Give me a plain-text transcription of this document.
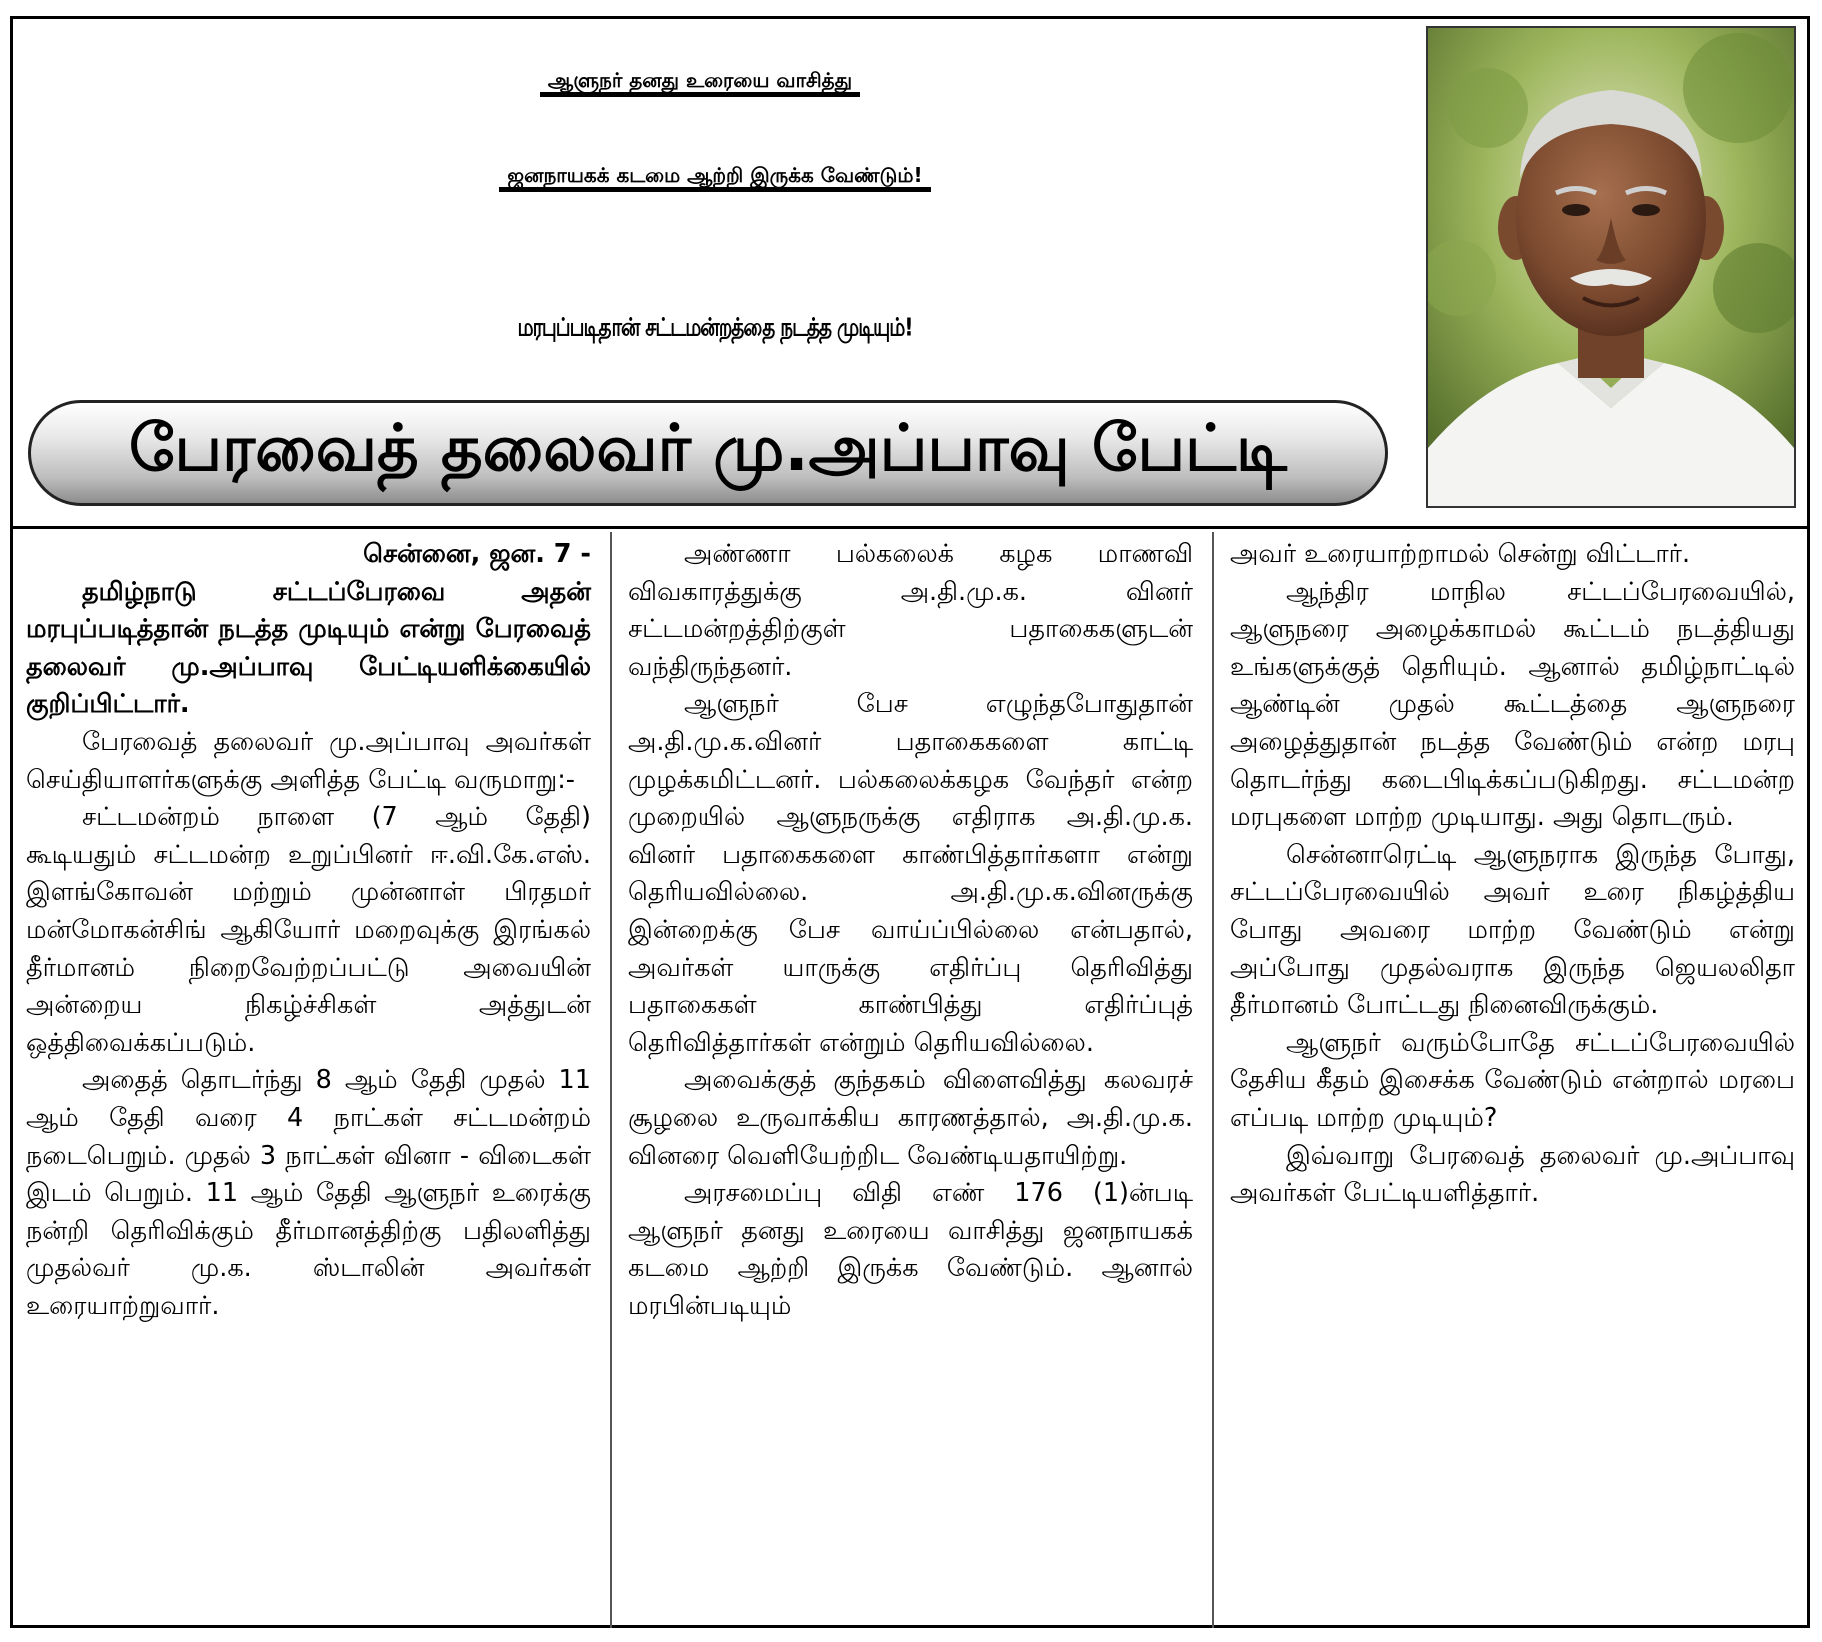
ஆளுநர் தனது உரையை வாசித்து
ஜனநாயகக் கடமை ஆற்றி இருக்க வேண்டும்!
மரபுப்படிதான் சட்டமன்றத்தை நடத்த முடியும்!
பேரவைத் தலைவர் மு.அப்பாவு பேட்டி

சென்னை, ஜன. 7 -

தமிழ்நாடு சட்டப்பேரவை அதன் மரபுப்படித்தான் நடத்த முடியும் என்று பேரவைத் தலைவர் மு.அப்பாவு பேட்டியளிக்கையில் குறிப்பிட்டார்.

பேரவைத் தலைவர் மு.அப்பாவு அவர்கள் செய்தியாளர்களுக்கு அளித்த பேட்டி வருமாறு:-

சட்டமன்றம் நாளை (7 ஆம் தேதி) கூடியதும் சட்டமன்ற உறுப்பினர் ஈ.வி.கே.எஸ். இளங்கோவன் மற்றும் முன்னாள் பிரதமர் மன்மோகன்சிங் ஆகியோர் மறைவுக்கு இரங்கல் தீர்மானம் நிறைவேற்றப்பட்டு அவையின் அன்றைய நிகழ்ச்சிகள் அத்துடன் ஒத்திவைக்கப்படும்.

அதைத் தொடர்ந்து 8 ஆம் தேதி முதல் 11 ஆம் தேதி வரை 4 நாட்கள் சட்டமன்றம் நடைபெறும். முதல் 3 நாட்கள் வினா - விடைகள் இடம் பெறும். 11 ஆம் தேதி ஆளுநர் உரைக்கு நன்றி தெரிவிக்கும் தீர்மானத்திற்கு பதிலளித்து முதல்வர் மு.க. ஸ்டாலின் அவர்கள் உரையாற்றுவார்.

அண்ணா பல்கலைக் கழக மாணவி விவகாரத்துக்கு அ.தி.மு.க. வினர் சட்டமன்றத்திற்குள் பதாகைகளுடன் வந்திருந்தனர்.

ஆளுநர் பேச எழுந்தபோதுதான் அ.தி.மு.க.வினர் பதாகைகளை காட்டி முழக்கமிட்டனர். பல்கலைக்கழக வேந்தர் என்ற முறையில் ஆளுநருக்கு எதிராக அ.தி.மு.க. வினர் பதாகைகளை காண்பித்தார்களா என்று தெரியவில்லை. அ.தி.மு.க.வினருக்கு இன்றைக்கு பேச வாய்ப்பில்லை என்பதால், அவர்கள் யாருக்கு எதிர்ப்பு தெரிவித்து பதாகைகள் காண்பித்து எதிர்ப்புத் தெரிவித்தார்கள் என்றும் தெரியவில்லை.

அவைக்குத் குந்தகம் விளைவித்து கலவரச் சூழலை உருவாக்கிய காரணத்தால், அ.தி.மு.க. வினரை வெளியேற்றிட வேண்டியதாயிற்று.

அரசமைப்பு விதி எண் 176 (1)ன்படி ஆளுநர் தனது உரையை வாசித்து ஜனநாயகக் கடமை ஆற்றி இருக்க வேண்டும். ஆனால் மரபின்படியும்

அவர் உரையாற்றாமல் சென்று விட்டார்.

ஆந்திர மாநில சட்டப்பேரவையில், ஆளுநரை அழைக்காமல் கூட்டம் நடத்தியது உங்களுக்குத் தெரியும். ஆனால் தமிழ்நாட்டில் ஆண்டின் முதல் கூட்டத்தை ஆளுநரை அழைத்துதான் நடத்த வேண்டும் என்ற மரபு தொடர்ந்து கடைபிடிக்கப்படுகிறது. சட்டமன்ற மரபுகளை மாற்ற முடியாது. அது தொடரும்.

சென்னாரெட்டி ஆளுநராக இருந்த போது, சட்டப்பேரவையில் அவர் உரை நிகழ்த்திய போது அவரை மாற்ற வேண்டும் என்று அப்போது முதல்வராக இருந்த ஜெயலலிதா தீர்மானம் போட்டது நினைவிருக்கும்.

ஆளுநர் வரும்போதே சட்டப்பேரவையில் தேசிய கீதம் இசைக்க வேண்டும் என்றால் மரபை எப்படி மாற்ற முடியும்?

இவ்வாறு பேரவைத் தலைவர் மு.அப்பாவு அவர்கள் பேட்டியளித்தார்.
